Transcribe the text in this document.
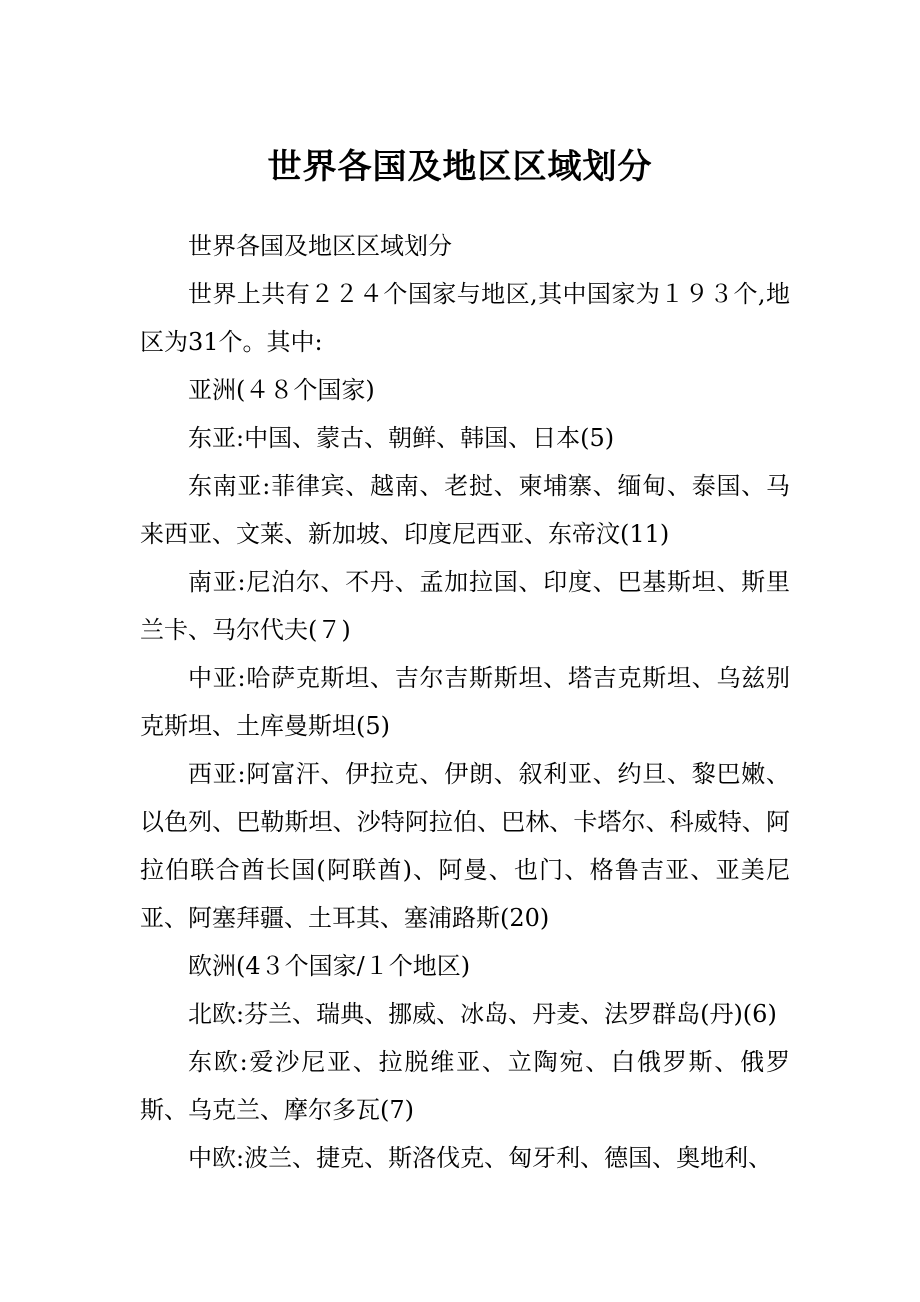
世界各国及地区区域划分

世界各国及地区区域划分

世界上共有２２４个国家与地区,其中国家为１９３个,地区为31个。其中:

亚洲(４８个国家)

东亚:中国、蒙古、朝鲜、韩国、日本(5)

东南亚:菲律宾、越南、老挝、柬埔寨、缅甸、泰国、马来西亚、文莱、新加坡、印度尼西亚、东帝汶(11)

南亚:尼泊尔、不丹、孟加拉国、印度、巴基斯坦、斯里兰卡、马尔代夫(７)

中亚:哈萨克斯坦、吉尔吉斯斯坦、塔吉克斯坦、乌兹别克斯坦、土库曼斯坦(5)

西亚:阿富汗、伊拉克、伊朗、叙利亚、约旦、黎巴嫩、以色列、巴勒斯坦、沙特阿拉伯、巴林、卡塔尔、科威特、阿拉伯联合酋长国(阿联酋)、阿曼、也门、格鲁吉亚、亚美尼亚、阿塞拜疆、土耳其、塞浦路斯(20)

欧洲(4３个国家/１个地区)

北欧:芬兰、瑞典、挪威、冰岛、丹麦、法罗群岛(丹)(6)

东欧:爱沙尼亚、拉脱维亚、立陶宛、白俄罗斯、俄罗斯、乌克兰、摩尔多瓦(7)

中欧:波兰、捷克、斯洛伐克、匈牙利、德国、奥地利、
